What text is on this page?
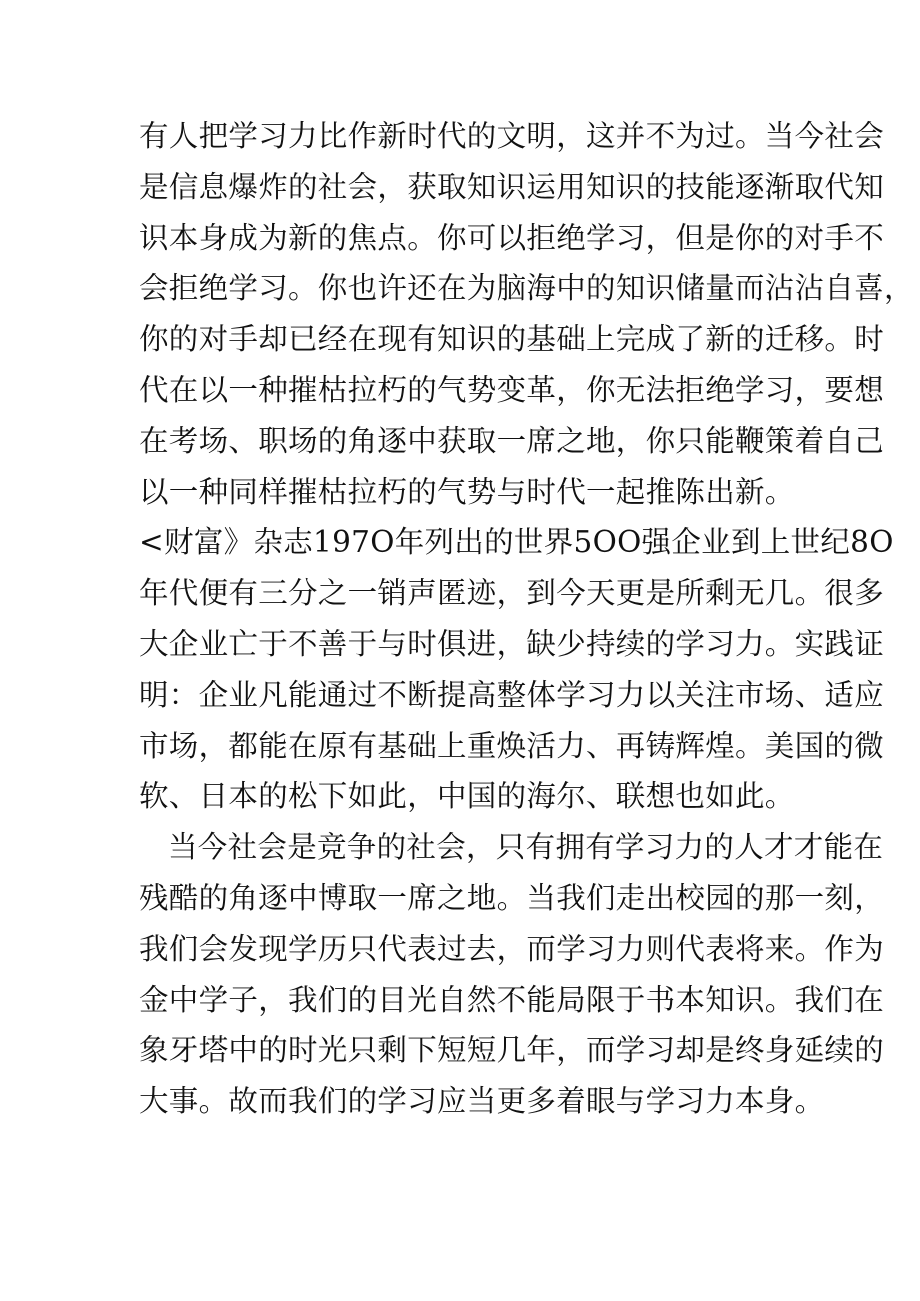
有人把学习力比作新时代的文明，这并不为过。当今社会
是信息爆炸的社会，获取知识运用知识的技能逐渐取代知
识本身成为新的焦点。你可以拒绝学习，但是你的对手不
会拒绝学习。你也许还在为脑海中的知识储量而沾沾自喜，
你的对手却已经在现有知识的基础上完成了新的迁移。时
代在以一种摧枯拉朽的气势变革，你无法拒绝学习，要想
在考场、职场的角逐中获取一席之地，你只能鞭策着自己
以一种同样摧枯拉朽的气势与时代一起推陈出新。
<财富》杂志197O年列出的世界5OO强企业到上世纪8O
年代便有三分之一销声匿迹，到今天更是所剩无几。很多
大企业亡于不善于与时俱进，缺少持续的学习力。实践证
明：企业凡能通过不断提高整体学习力以关注市场、适应
市场，都能在原有基础上重焕活力、再铸辉煌。美国的微
软、日本的松下如此，中国的海尔、联想也如此。
当今社会是竞争的社会，只有拥有学习力的人才才能在
残酷的角逐中博取一席之地。当我们走出校园的那一刻，
我们会发现学历只代表过去，而学习力则代表将来。作为
金中学子，我们的目光自然不能局限于书本知识。我们在
象牙塔中的时光只剩下短短几年，而学习却是终身延续的
大事。故而我们的学习应当更多着眼与学习力本身。
